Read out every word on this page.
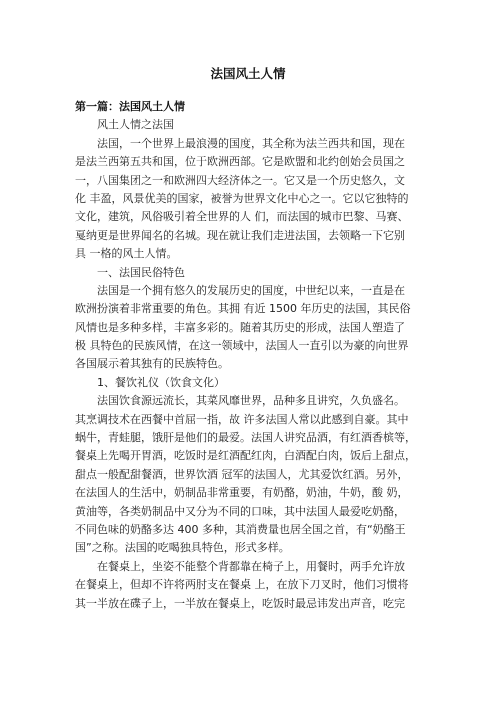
法国风土人情
第一篇：法国风土人情
风土人情之法国
法国，一个世界上最浪漫的国度，其全称为法兰西共和国，现在
是法兰西第五共和国，位于欧洲西部。它是欧盟和北约创始会员国之
一，八国集团之一和欧洲四大经济体之一。它又是一个历史悠久，文
化 丰盈，风景优美的国家，被誉为世界文化中心之一。它以它独特的
文化，建筑，风俗吸引着全世界的人 们，而法国的城市巴黎、马赛、
戛纳更是世界闻名的名城。现在就让我们走进法国，去领略一下它别
具 一格的风土人情。
一、法国民俗特色
法国是一个拥有悠久的发展历史的国度，中世纪以来，一直是在
欧洲扮演着非常重要的角色。其拥 有近 1500 年历史的法国，其民俗
风情也是多种多样，丰富多彩的。随着其历史的形成，法国人塑造了
极 具特色的民族风情，在这一领域中，法国人一直引以为豪的向世界
各国展示着其独有的民族特色。
1、餐饮礼仪（饮食文化）
法国饮食源远流长，其菜风靡世界，品种多且讲究，久负盛名。
其烹调技术在西餐中首屈一指，故 许多法国人常以此感到自豪。其中
蜗牛，青蛙腿，饿肝是他们的最爱。法国人讲究品酒，有红酒香槟等，
餐桌上先喝开胃酒，吃饭时是红酒配红肉，白酒配白肉，饭后上甜点，
甜点一般配甜餐酒，世界饮酒 冠军的法国人，尤其爱饮红酒。另外，
在法国人的生活中，奶制品非常重要，有奶酪，奶油，牛奶，酸 奶，
黄油等，各类奶制品中又分为不同的口味，其中法国人最爱吃奶酪，
不同色味的奶酪多达 400 多种，其消费量也居全国之首，有“奶酪王
国”之称。法国的吃喝独具特色，形式多样。
在餐桌上，坐姿不能整个背都靠在椅子上，用餐时，两手允许放
在餐桌上，但却不许将两肘支在餐桌 上，在放下刀叉时，他们习惯将
其一半放在碟子上，一半放在餐桌上，吃饭时最忌讳发出声音，吃完
